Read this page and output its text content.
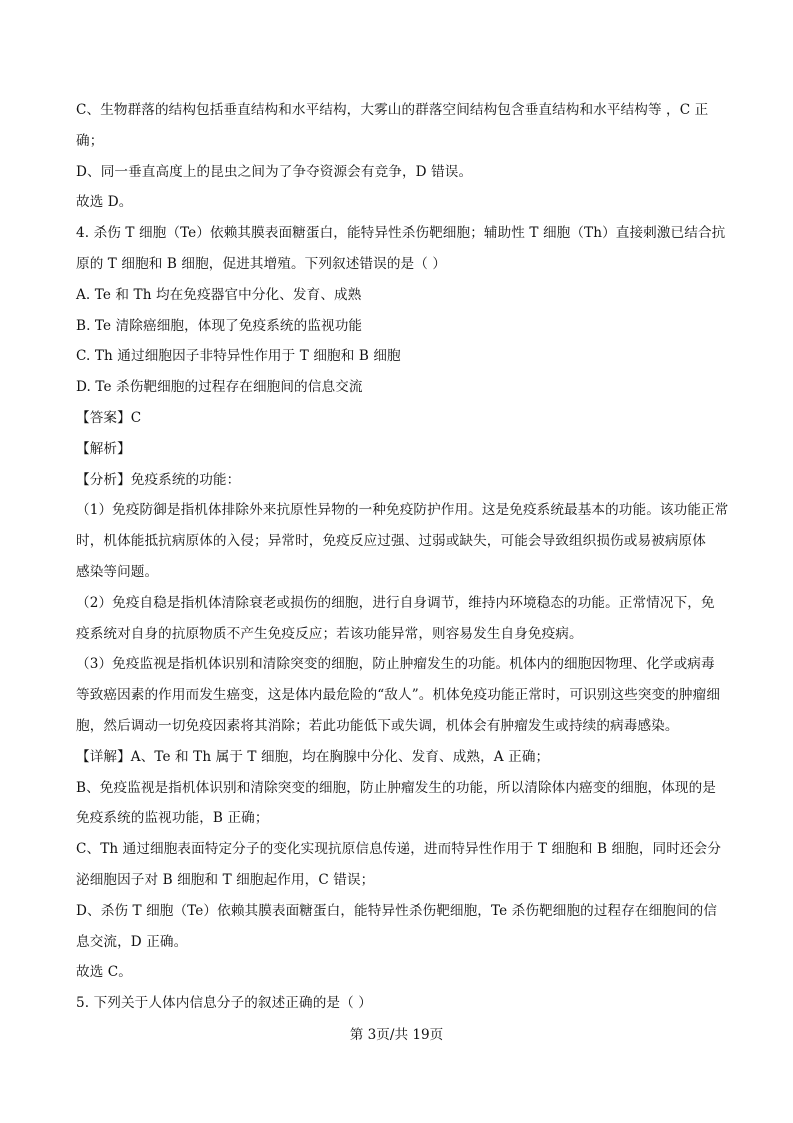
C、生物群落的结构包括垂直结构和水平结构，大雾山的群落空间结构包含垂直结构和水平结构等 ，C 正
确；
D、同一垂直高度上的昆虫之间为了争夺资源会有竞争，D 错误。
故选 D。
4. 杀伤 T 细胞（Te）依赖其膜表面糖蛋白，能特异性杀伤靶细胞；辅助性 T 细胞（Th）直接刺激已结合抗
原的 T 细胞和 B 细胞，促进其增殖。下列叙述错误的是（ ）
A. Te 和 Th 均在免疫器官中分化、发育、成熟
B. Te 清除癌细胞，体现了免疫系统的监视功能
C. Th 通过细胞因子非特异性作用于 T 细胞和 B 细胞
D. Te 杀伤靶细胞的过程存在细胞间的信息交流
【答案】C
【解析】
【分析】免疫系统的功能：
（1）免疫防御是指机体排除外来抗原性异物的一种免疫防护作用。这是免疫系统最基本的功能。该功能正常
时，机体能抵抗病原体的入侵；异常时，免疫反应过强、过弱或缺失，可能会导致组织损伤或易被病原体
感染等问题。
（2）免疫自稳是指机体清除衰老或损伤的细胞，进行自身调节，维持内环境稳态的功能。正常情况下，免
疫系统对自身的抗原物质不产生免疫反应；若该功能异常，则容易发生自身免疫病。
（3）免疫监视是指机体识别和清除突变的细胞，防止肿瘤发生的功能。机体内的细胞因物理、化学或病毒
等致癌因素的作用而发生癌变，这是体内最危险的“敌人”。机体免疫功能正常时，可识别这些突变的肿瘤细
胞，然后调动一切免疫因素将其消除；若此功能低下或失调，机体会有肿瘤发生或持续的病毒感染。
【详解】A、Te 和 Th 属于 T 细胞，均在胸腺中分化、发育、成熟，A 正确；
B、免疫监视是指机体识别和清除突变的细胞，防止肿瘤发生的功能，所以清除体内癌变的细胞，体现的是
免疫系统的监视功能，B 正确；
C、Th 通过细胞表面特定分子的变化实现抗原信息传递，进而特异性作用于 T 细胞和 B 细胞，同时还会分
泌细胞因子对 B 细胞和 T 细胞起作用，C 错误；
D、杀伤 T 细胞（Te）依赖其膜表面糖蛋白，能特异性杀伤靶细胞，Te 杀伤靶细胞的过程存在细胞间的信
息交流，D 正确。
故选 C。
5. 下列关于人体内信息分子的叙述正确的是（ ）
第 3页/共 19页
